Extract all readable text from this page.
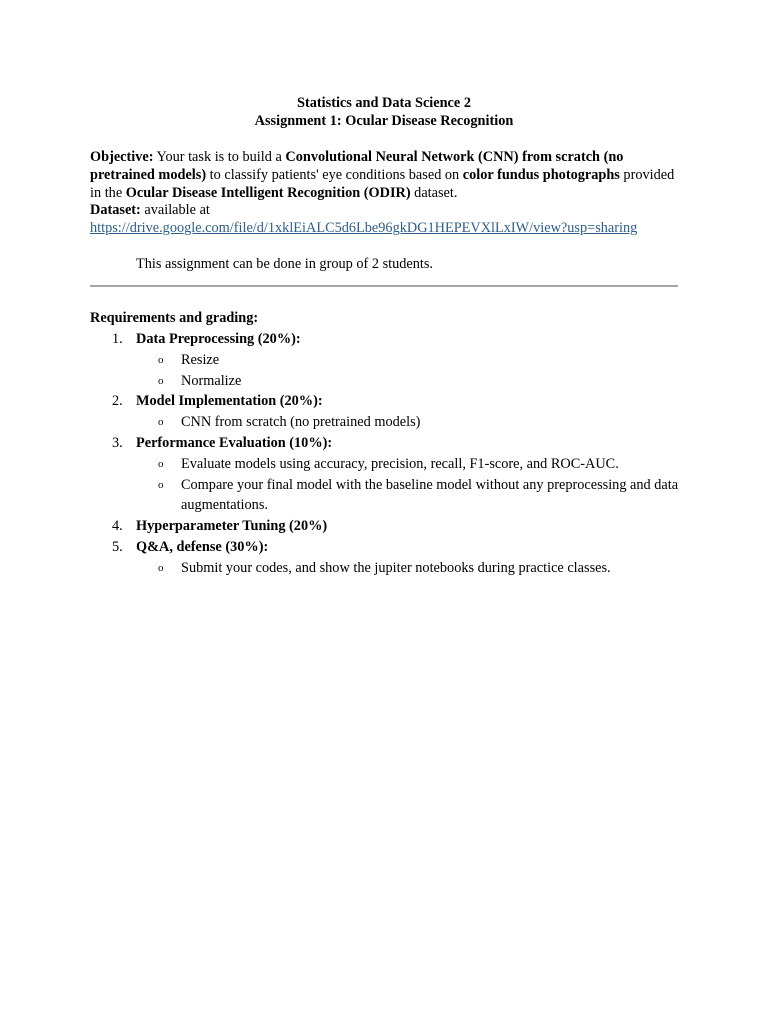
Statistics and Data Science 2
Assignment 1: Ocular Disease Recognition
Objective: Your task is to build a Convolutional Neural Network (CNN) from scratch (no pretrained models) to classify patients' eye conditions based on color fundus photographs provided in the Ocular Disease Intelligent Recognition (ODIR) dataset.
Dataset: available at
https://drive.google.com/file/d/1xklEiALC5d6Lbe96gkDG1HEPEVXlLxIW/view?usp=sharing
This assignment can be done in group of 2 students.
Requirements and grading:
1. Data Preprocessing (20%):
o Resize
o Normalize
2. Model Implementation (20%):
o CNN from scratch (no pretrained models)
3. Performance Evaluation (10%):
o Evaluate models using accuracy, precision, recall, F1-score, and ROC-AUC.
o Compare your final model with the baseline model without any preprocessing and data augmentations.
4. Hyperparameter Tuning (20%)
5. Q&A, defense (30%):
o Submit your codes, and show the jupiter notebooks during practice classes.
